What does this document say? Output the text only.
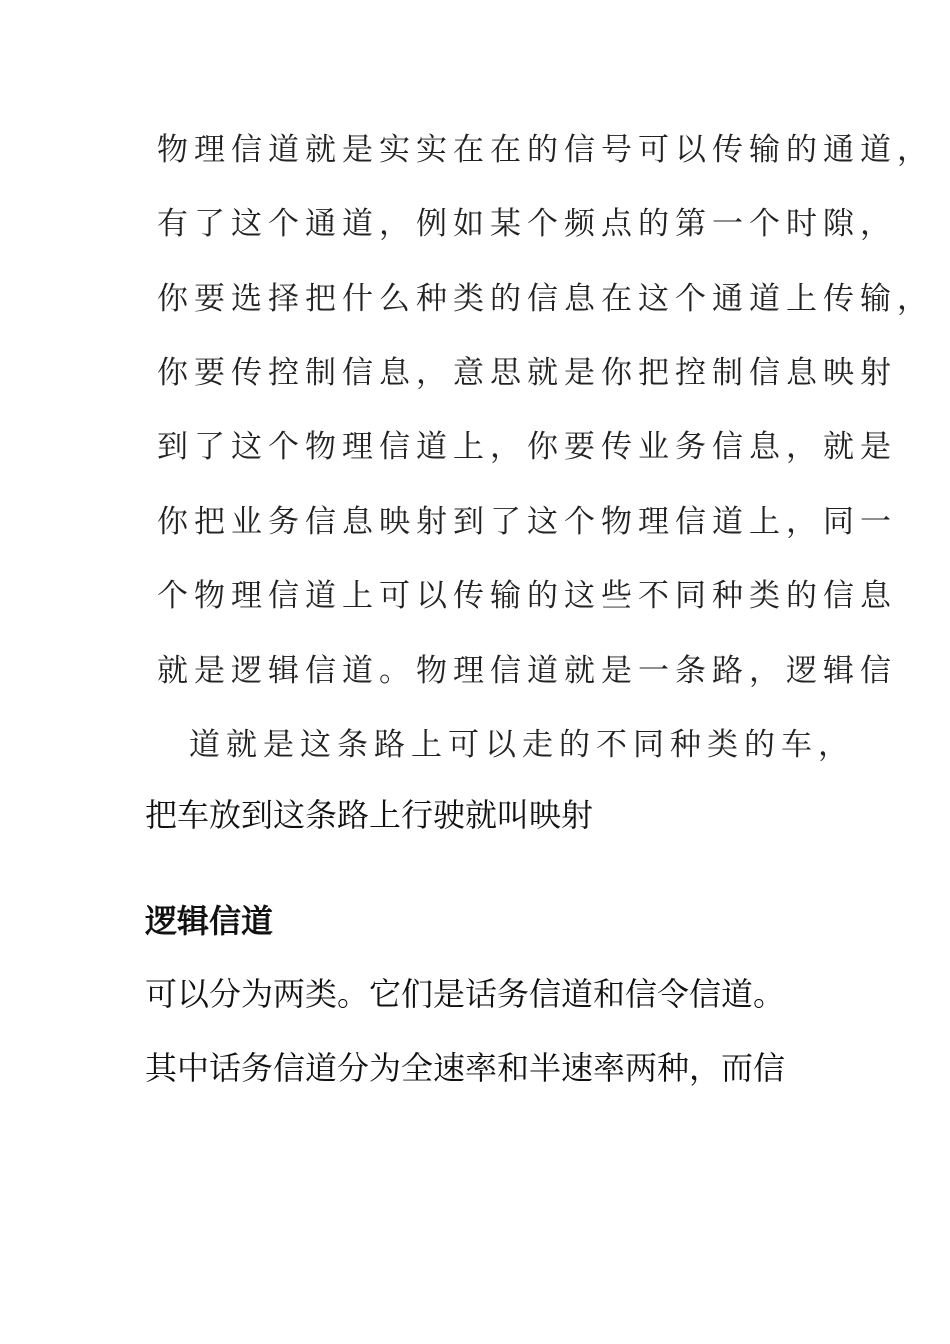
物理信道就是实实在在的信号可以传输的通道，
有了这个通道，例如某个频点的第一个时隙，
你要选择把什么种类的信息在这个通道上传输，
你要传控制信息，意思就是你把控制信息映射
到了这个物理信道上，你要传业务信息，就是
你把业务信息映射到了这个物理信道上，同一
个物理信道上可以传输的这些不同种类的信息
就是逻辑信道。物理信道就是一条路，逻辑信
道就是这条路上可以走的不同种类的车，
把车放到这条路上行驶就叫映射
逻辑信道
可以分为两类。它们是话务信道和信令信道。
其中话务信道分为全速率和半速率两种，而信
